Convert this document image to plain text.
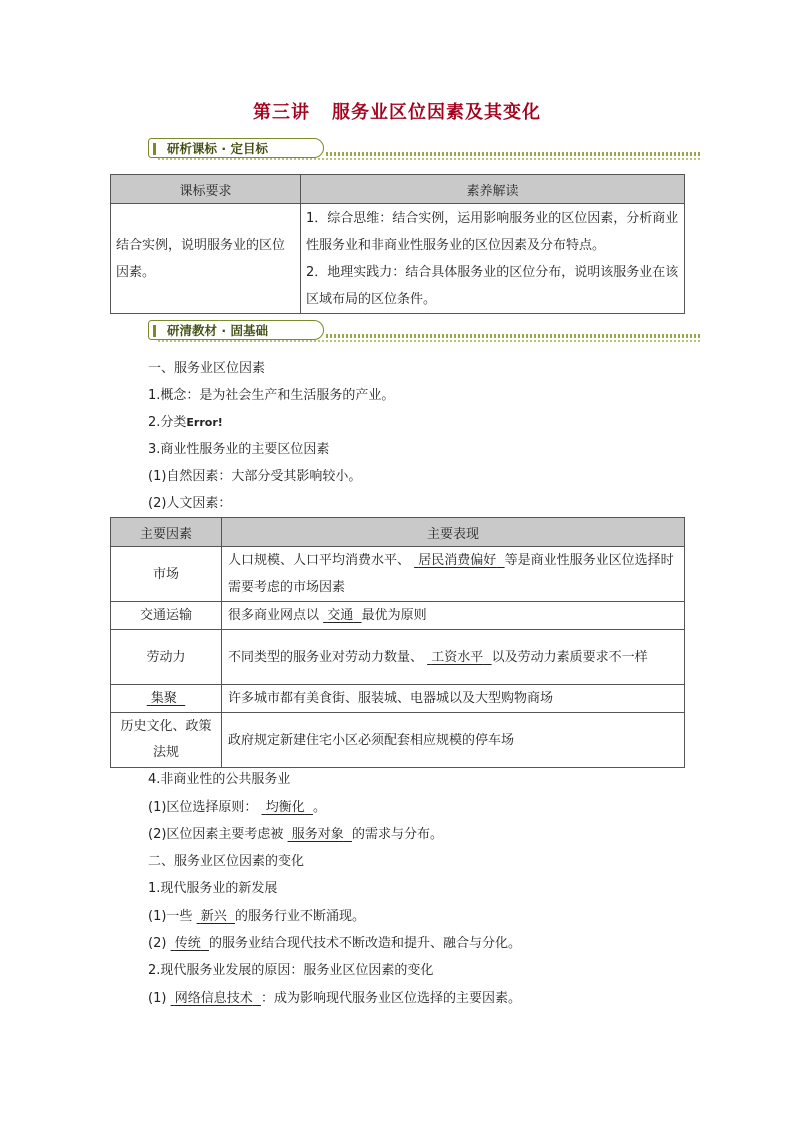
第三讲 服务业区位因素及其变化
研析课标 · 定目标
课标要求	素养解读
结合实例，说明服务业的区位因素。	1．综合思维：结合实例，运用影响服务业的区位因素，分析商业性服务业和非商业性服务业的区位因素及分布特点。
2．地理实践力：结合具体服务业的区位分布，说明该服务业在该区域布局的区位条件。
研清教材 · 固基础
一、服务业区位因素
1.概念：是为社会生产和生活服务的产业。
2.分类Error!
3.商业性服务业的主要区位因素
(1)自然因素：大部分受其影响较小。
(2)人文因素：
主要因素	主要表现
市场	人口规模、人口平均消费水平、 居民消费偏好 等是商业性服务业区位选择时需要考虑的市场因素
交通运输	很多商业网点以 交通 最优为原则
劳动力	不同类型的服务业对劳动力数量、 工资水平 以及劳动力素质要求不一样
集聚	许多城市都有美食街、服装城、电器城以及大型购物商场
历史文化、政策法规	政府规定新建住宅小区必须配套相应规模的停车场
4.非商业性的公共服务业
(1)区位选择原则： 均衡化 。
(2)区位因素主要考虑被 服务对象 的需求与分布。
二、服务业区位因素的变化
1.现代服务业的新发展
(1)一些 新兴 的服务行业不断涌现。
(2) 传统 的服务业结合现代技术不断改造和提升、融合与分化。
2.现代服务业发展的原因：服务业区位因素的变化
(1) 网络信息技术 ：成为影响现代服务业区位选择的主要因素。
